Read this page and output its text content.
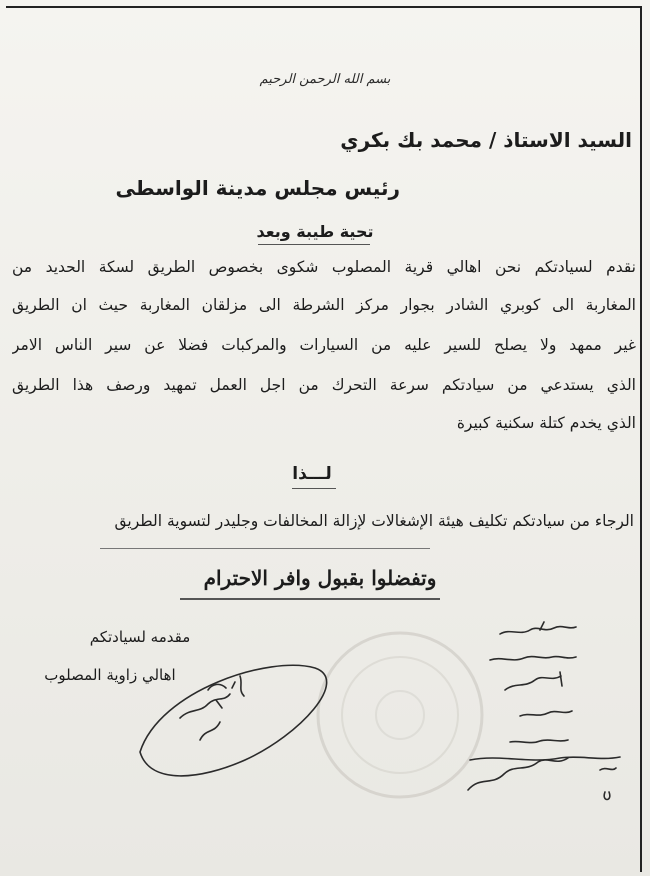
بسم الله الرحمن الرحيم
السيد الاستاذ / محمد بك بكري
رئيس مجلس مدينة الواسطى
تحية طيبة وبعد
نقدم لسيادتكم نحن اهالي قرية المصلوب شكوى بخصوص الطريق لسكة الحديد من
المغاربة الى كوبري الشادر بجوار مركز الشرطة الى مزلقان المغاربة حيث ان الطريق
غير ممهد ولا يصلح للسير عليه من السيارات والمركبات فضلا عن سير الناس الامر
الذي يستدعي من سيادتكم سرعة التحرك من اجل العمل تمهيد ورصف هذا الطريق
الذي يخدم كتلة سكنية كبيرة
لـــذا
الرجاء من سيادتكم تكليف هيئة الإشغالات لإزالة المخالفات وجليدر لتسوية الطريق
وتفضلوا بقبول وافر الاحترام
مقدمه لسيادتكم
اهالي زاوية المصلوب
